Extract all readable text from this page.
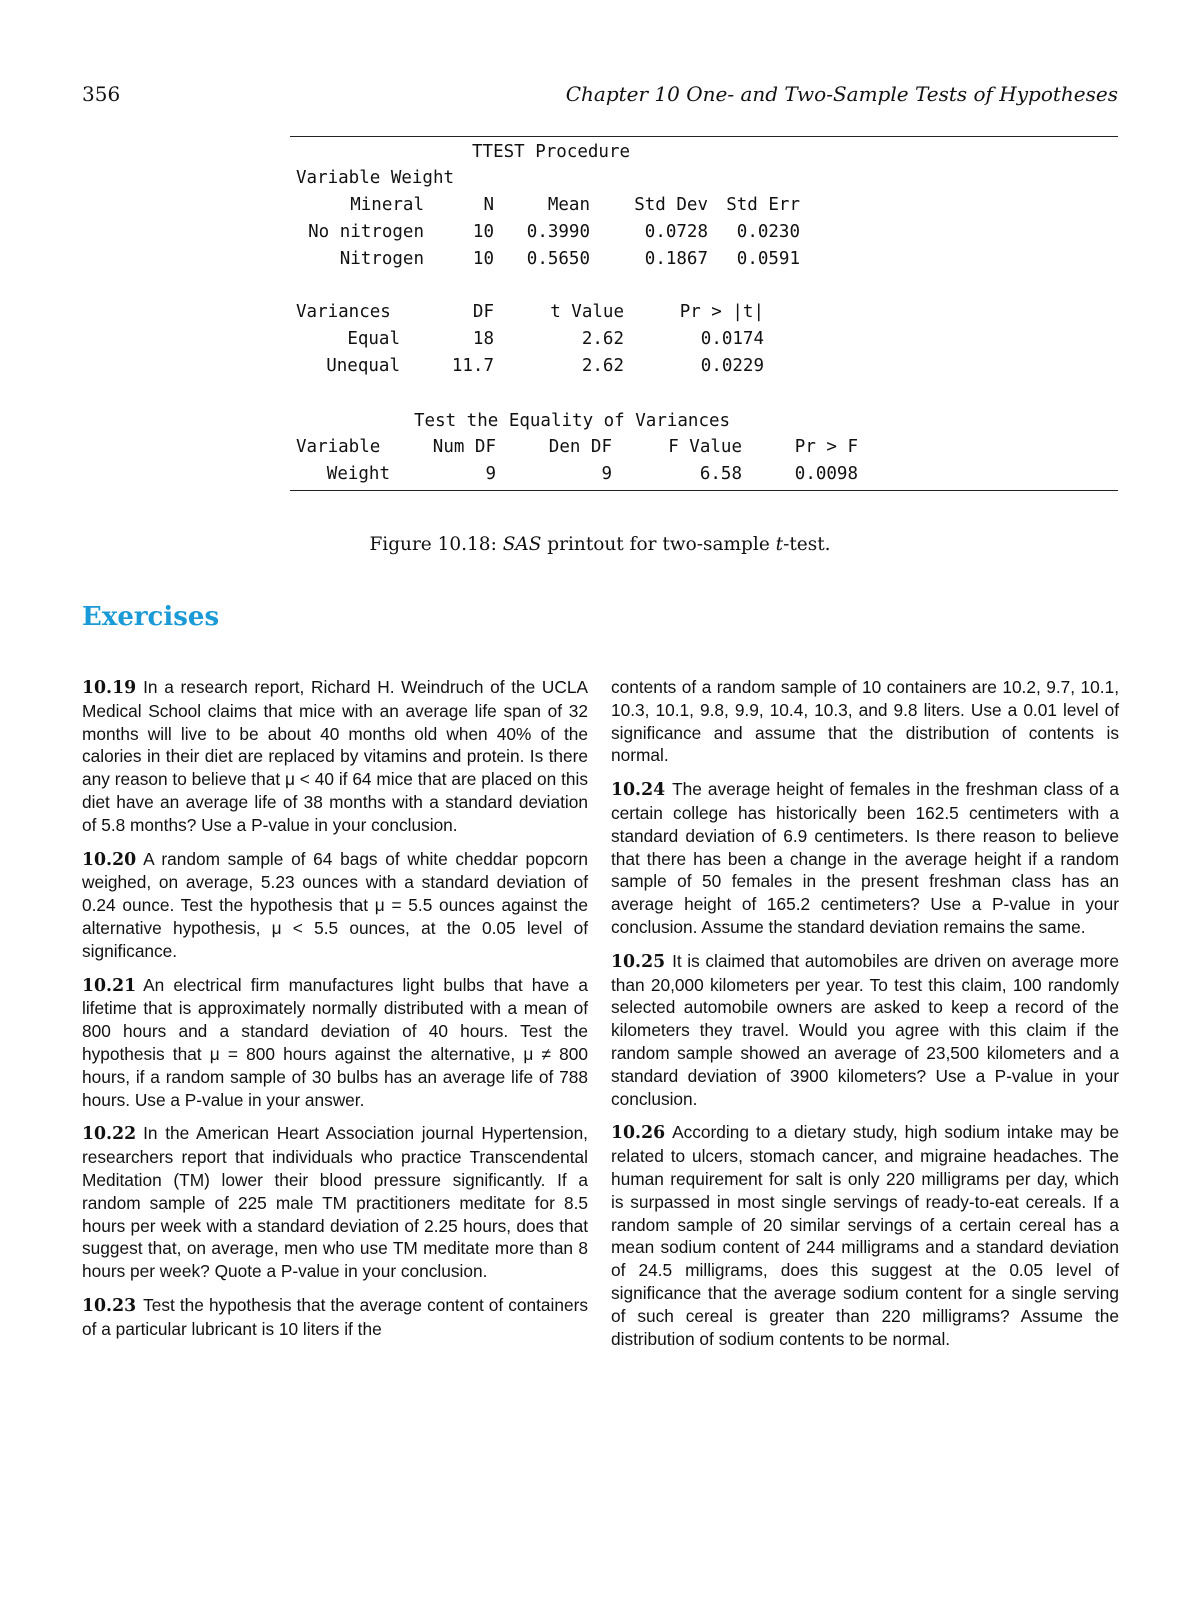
356	Chapter 10 One- and Two-Sample Tests of Hypotheses
TTEST Procedure
Variable Weight
Mineral	N	Mean	Std Dev	Std Err
No nitrogen	10	0.3990	0.0728	0.0230
Nitrogen	10	0.5650	0.1867	0.0591
Variances	DF	t Value	Pr > |t|
Equal	18	2.62	0.0174
Unequal	11.7	2.62	0.0229
Test the Equality of Variances
Variable	Num DF	Den DF	F Value	Pr > F
Weight	9	9	6.58	0.0098
Figure 10.18: SAS printout for two-sample t-test.
Exercises

10.19 In a research report, Richard H. Weindruch of the UCLA Medical School claims that mice with an average life span of 32 months will live to be about 40 months old when 40% of the calories in their diet are replaced by vitamins and protein. Is there any reason to believe that μ < 40 if 64 mice that are placed on this diet have an average life of 38 months with a standard deviation of 5.8 months? Use a P-value in your conclusion.

10.20 A random sample of 64 bags of white cheddar popcorn weighed, on average, 5.23 ounces with a standard deviation of 0.24 ounce. Test the hypothesis that μ = 5.5 ounces against the alternative hypothesis, μ < 5.5 ounces, at the 0.05 level of significance.

10.21 An electrical firm manufactures light bulbs that have a lifetime that is approximately normally distributed with a mean of 800 hours and a standard deviation of 40 hours. Test the hypothesis that μ = 800 hours against the alternative, μ ≠ 800 hours, if a random sample of 30 bulbs has an average life of 788 hours. Use a P-value in your answer.

10.22 In the American Heart Association journal Hypertension, researchers report that individuals who practice Transcendental Meditation (TM) lower their blood pressure significantly. If a random sample of 225 male TM practitioners meditate for 8.5 hours per week with a standard deviation of 2.25 hours, does that suggest that, on average, men who use TM meditate more than 8 hours per week? Quote a P-value in your conclusion.

10.23 Test the hypothesis that the average content of containers of a particular lubricant is 10 liters if the

contents of a random sample of 10 containers are 10.2, 9.7, 10.1, 10.3, 10.1, 9.8, 9.9, 10.4, 10.3, and 9.8 liters. Use a 0.01 level of significance and assume that the distribution of contents is normal.

10.24 The average height of females in the freshman class of a certain college has historically been 162.5 centimeters with a standard deviation of 6.9 centimeters. Is there reason to believe that there has been a change in the average height if a random sample of 50 females in the present freshman class has an average height of 165.2 centimeters? Use a P-value in your conclusion. Assume the standard deviation remains the same.

10.25 It is claimed that automobiles are driven on average more than 20,000 kilometers per year. To test this claim, 100 randomly selected automobile owners are asked to keep a record of the kilometers they travel. Would you agree with this claim if the random sample showed an average of 23,500 kilometers and a standard deviation of 3900 kilometers? Use a P-value in your conclusion.

10.26 According to a dietary study, high sodium intake may be related to ulcers, stomach cancer, and migraine headaches. The human requirement for salt is only 220 milligrams per day, which is surpassed in most single servings of ready-to-eat cereals. If a random sample of 20 similar servings of a certain cereal has a mean sodium content of 244 milligrams and a standard deviation of 24.5 milligrams, does this suggest at the 0.05 level of significance that the average sodium content for a single serving of such cereal is greater than 220 milligrams? Assume the distribution of sodium contents to be normal.
